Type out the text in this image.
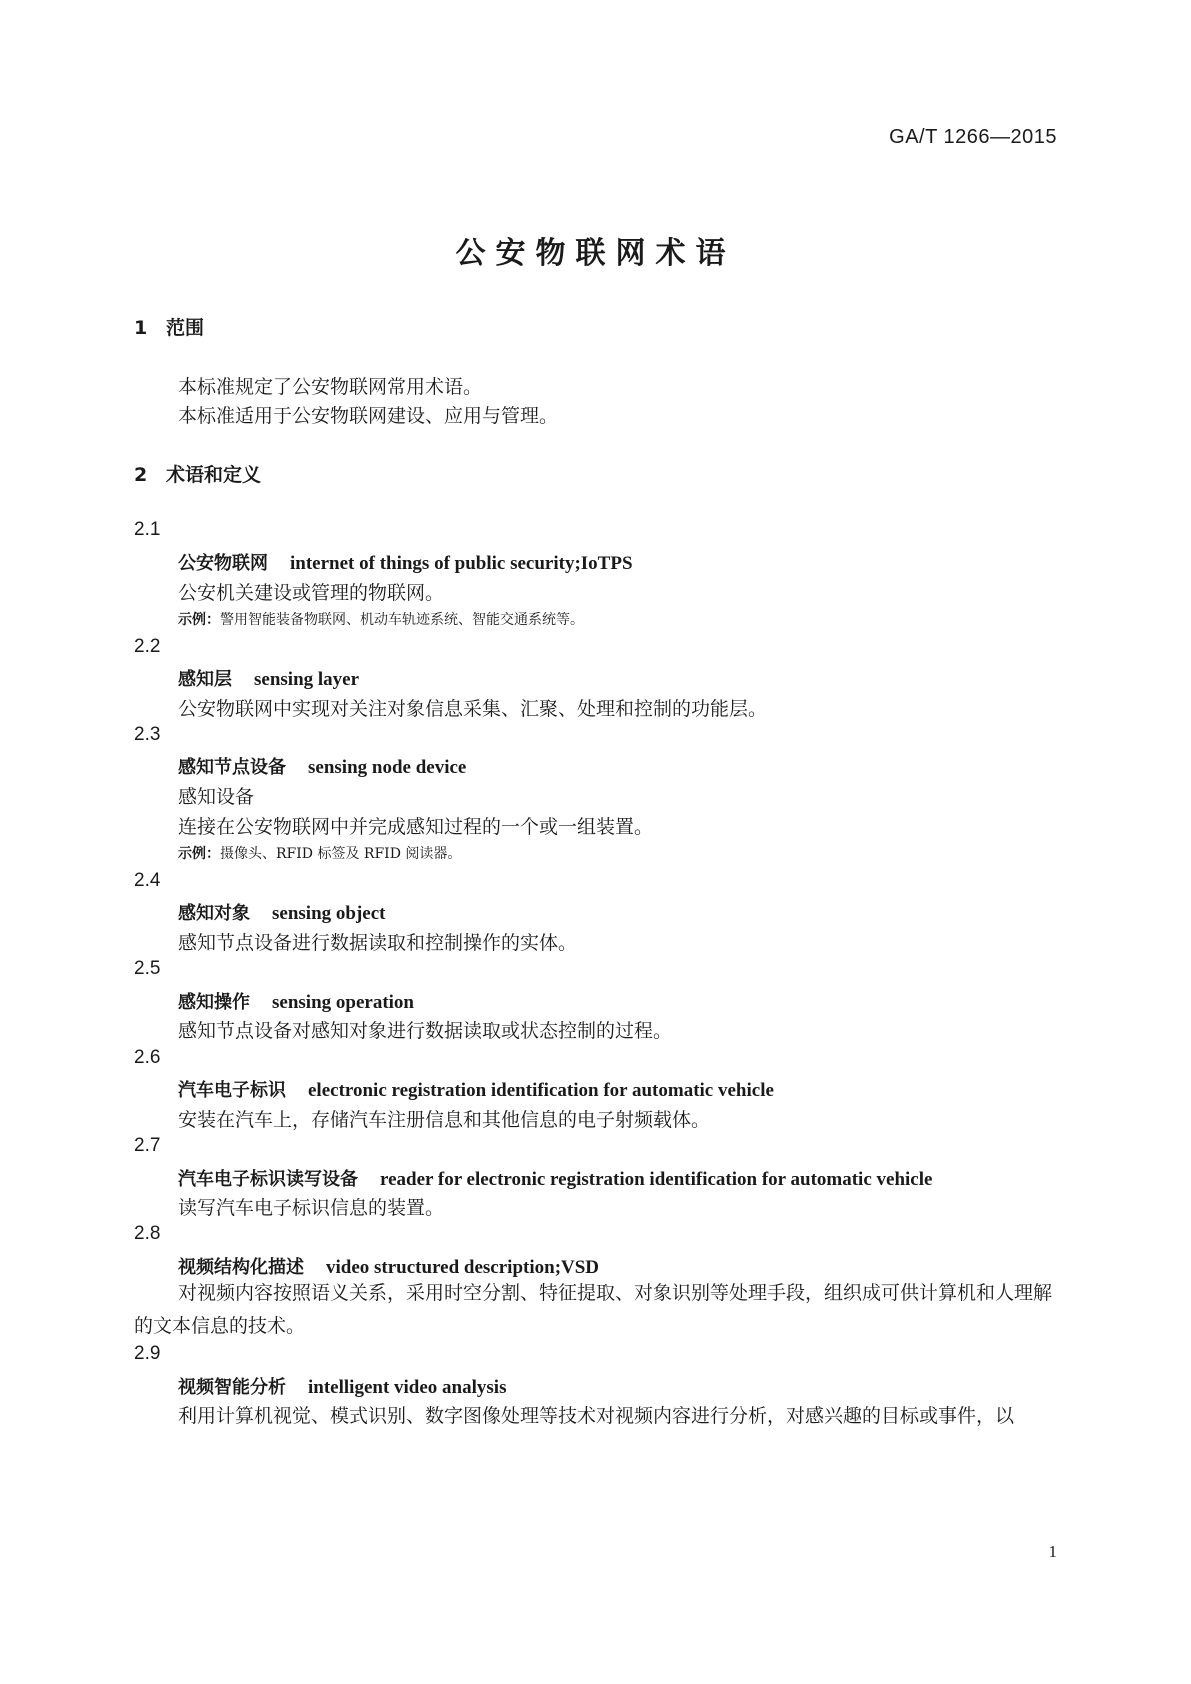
GA/T 1266—2015
公安物联网术语
1 范围
本标准规定了公安物联网常用术语。
本标准适用于公安物联网建设、应用与管理。
2 术语和定义
2.1
公安物联网 internet of things of public security;IoTPS
公安机关建设或管理的物联网。
示例：警用智能装备物联网、机动车轨迹系统、智能交通系统等。
2.2
感知层 sensing layer
公安物联网中实现对关注对象信息采集、汇聚、处理和控制的功能层。
2.3
感知节点设备 sensing node device
感知设备
连接在公安物联网中并完成感知过程的一个或一组装置。
示例：摄像头、RFID 标签及 RFID 阅读器。
2.4
感知对象 sensing object
感知节点设备进行数据读取和控制操作的实体。
2.5
感知操作 sensing operation
感知节点设备对感知对象进行数据读取或状态控制的过程。
2.6
汽车电子标识 electronic registration identification for automatic vehicle
安装在汽车上，存储汽车注册信息和其他信息的电子射频载体。
2.7
汽车电子标识读写设备 reader for electronic registration identification for automatic vehicle
读写汽车电子标识信息的装置。
2.8
视频结构化描述 video structured description;VSD
对视频内容按照语义关系，采用时空分割、特征提取、对象识别等处理手段，组织成可供计算机和人理解的文本信息的技术。
2.9
视频智能分析 intelligent video analysis
利用计算机视觉、模式识别、数字图像处理等技术对视频内容进行分析，对感兴趣的目标或事件，以
1
